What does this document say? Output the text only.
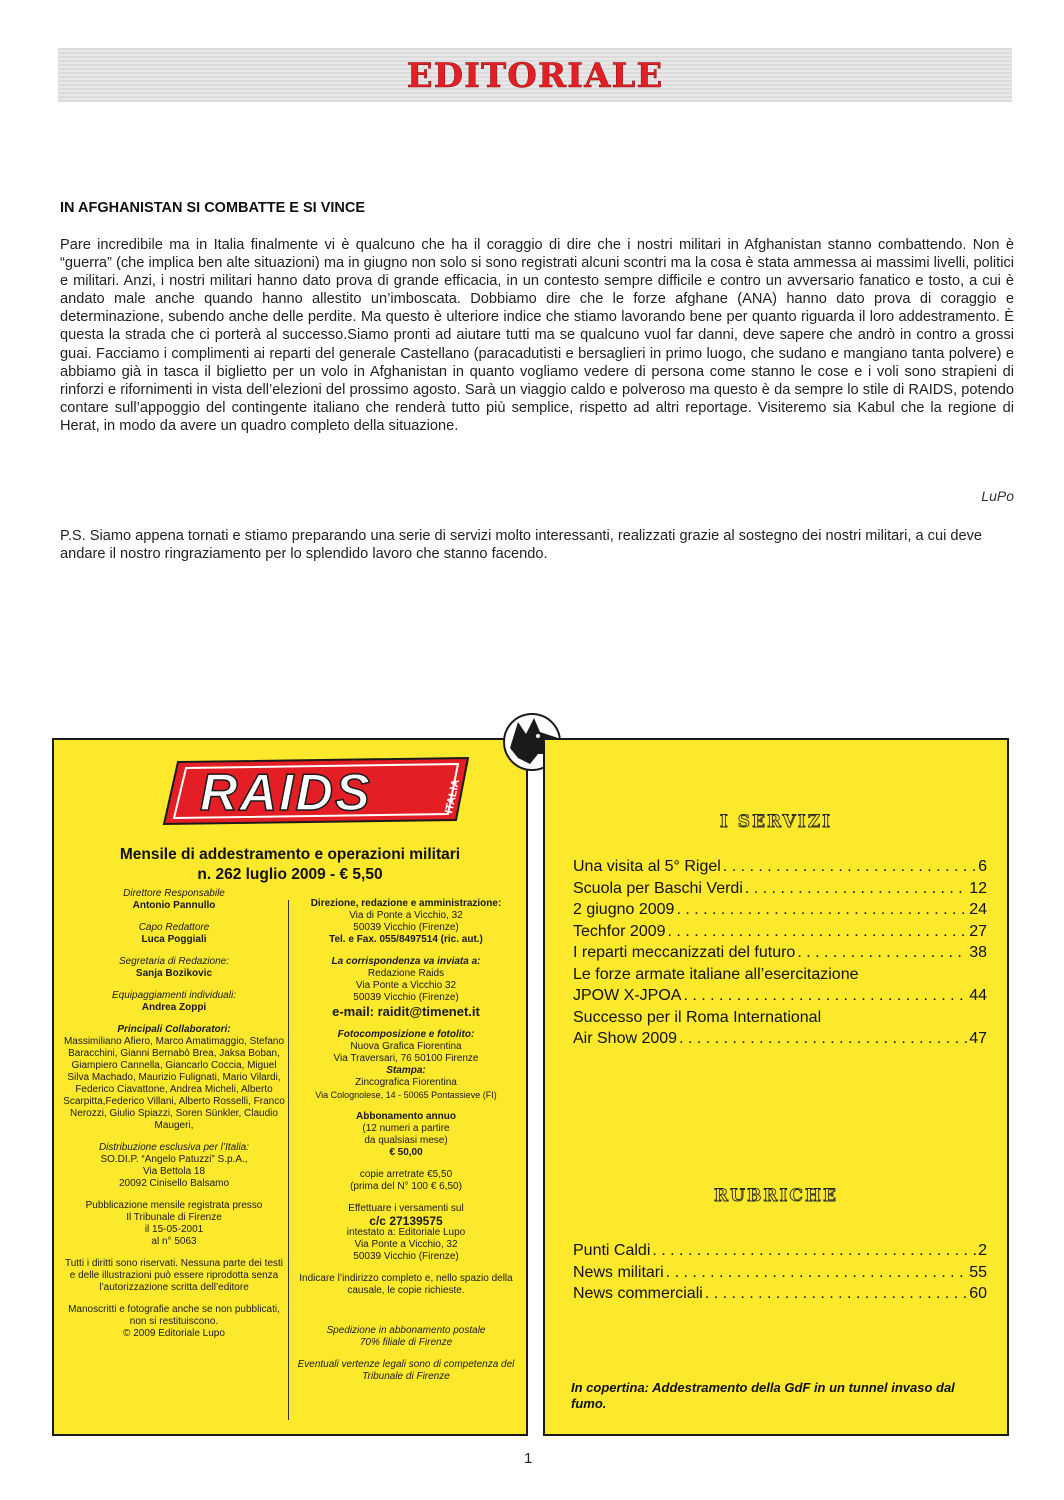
EDITORIALE
IN AFGHANISTAN SI COMBATTE E SI VINCE
Pare incredibile ma in Italia finalmente vi è qualcuno che ha il coraggio di dire che i nostri militari in Afghanistan stanno combattendo. Non è “guerra” (che implica ben alte situazioni) ma in giugno non solo si sono registrati alcuni scontri ma la cosa è stata ammessa ai massimi livelli, politici e militari. Anzi, i nostri militari hanno dato prova di grande efficacia, in un contesto sempre difficile e contro un avversario fanatico e tosto, a cui è andato male anche quando hanno allestito un’imboscata. Dobbiamo dire che le forze afghane (ANA) hanno dato prova di coraggio e determinazione, subendo anche delle perdite. Ma questo è ulteriore indice che stiamo lavorando bene per quanto riguarda il loro addestramento. È questa la strada che ci porterà al successo.Siamo pronti ad aiutare tutti ma se qualcuno vuol far danni, deve sapere che andrò in contro a grossi guai. Facciamo i complimenti ai reparti del generale Castellano (paracadutisti e bersaglieri in primo luogo, che sudano e mangiano tanta polvere) e abbiamo già in tasca il biglietto per un volo in Afghanistan in quanto vogliamo vedere di persona come stanno le cose e i voli sono strapieni di rinforzi e rifornimenti in vista dell’elezioni del prossimo agosto. Sarà un viaggio caldo e polveroso ma questo è da sempre lo stile di RAIDS, potendo contare sull’appoggio del contingente italiano che renderà tutto più semplice, rispetto ad altri reportage. Visiteremo sia Kabul che la regione di Herat, in modo da avere un quadro completo della situazione.
LuPo
P.S. Siamo appena tornati e stiamo preparando una serie di servizi molto interessanti, realizzati grazie al sostegno dei nostri militari, a cui deve andare il nostro ringraziamento per lo splendido lavoro che stanno facendo.
RAIDS	ITALIA
Mensile di addestramento e operazioni militari
n. 262 luglio 2009 - € 5,50
Direttore Responsabile
Antonio Pannullo
Capo Redattore
Luca Poggiali
Segretaria di Redazione:
Sanja Bozikovic
Equipaggiamenti individuali:
Andrea Zoppi
Principali Collaboratori:
Massimiliano Afiero, Marco Amatimaggio, Stefano Baracchini, Gianni Bernabò Brea, Jaksa Boban, Giampiero Cannella, Giancarlo Coccia, Miguel Silva Machado, Maurizio Fulignati, Mario Vilardi, Federico Ciavattone, Andrea Micheli, Alberto Scarpitta,Federico Villani, Alberto Rosselli, Franco Nerozzi, Giulio Spiazzi, Soren Sünkler, Claudio Maugeri,
Distribuzione esclusiva per l’Italia:
SO.DI.P. “Angelo Patuzzi” S.p.A.,
Via Bettola 18
20092 Cinisello Balsamo
Pubblicazione mensile registrata presso
Il Tribunale di Firenze
il 15-05-2001
al n° 5063
Tutti i diritti sono riservati. Nessuna parte dei testi e delle illustrazioni può essere riprodotta senza l’autorizzazione scritta dell’editore
Manoscritti e fotografie anche se non pubblicati, non si restituiscono.
© 2009 Editoriale Lupo
Direzione, redazione e amministrazione:
Via di Ponte a Vicchio, 32
50039 Vicchio (Firenze)
Tel. e Fax. 055/8497514 (ric. aut.)
La corrispondenza va inviata a:
Redazione Raids
Via Ponte a Vicchio 32
50039 Vicchio (Firenze)
e-mail: raidit@timenet.it
Fotocomposizione e fotolito:
Nuova Grafica Fiorentina
Via Traversari, 76 50100 Firenze
Stampa:
Zincografica Fiorentina
Via Colognolese, 14 - 50065 Pontassieve (FI)
Abbonamento annuo
(12 numeri a partire
da qualsiasi mese)
€ 50,00
copie arretrate €5,50
(prima del N° 100 € 6,50)
Effettuare i versamenti sul
c/c 27139575
intestato a: Editoriale Lupo
Via Ponte a Vicchio, 32
50039 Vicchio (Firenze)
Indicare l’indirizzo completo e, nello spazio della causale, le copie richieste.
Spedizione in abbonamento postale
70% filiale di Firenze
Eventuali vertenze legali sono di competenza del Tribunale di Firenze
I SERVIZI
Una visita al 5° Rigel . . .	6
Scuola per Baschi Verdi . . .	12
2 giugno 2009 . . .	24
Techfor 2009 . . .	27
I reparti meccanizzati del futuro . . .	38
Le forze armate italiane all’esercitazione
JPOW X-JPOA . . .	44
Successo per il Roma International
Air Show 2009 . . .	47
RUBRICHE
Punti Caldi . . .	2
News militari . . .	55
News commerciali . . .	60
In copertina: Addestramento della GdF in un tunnel invaso dal fumo.
1
